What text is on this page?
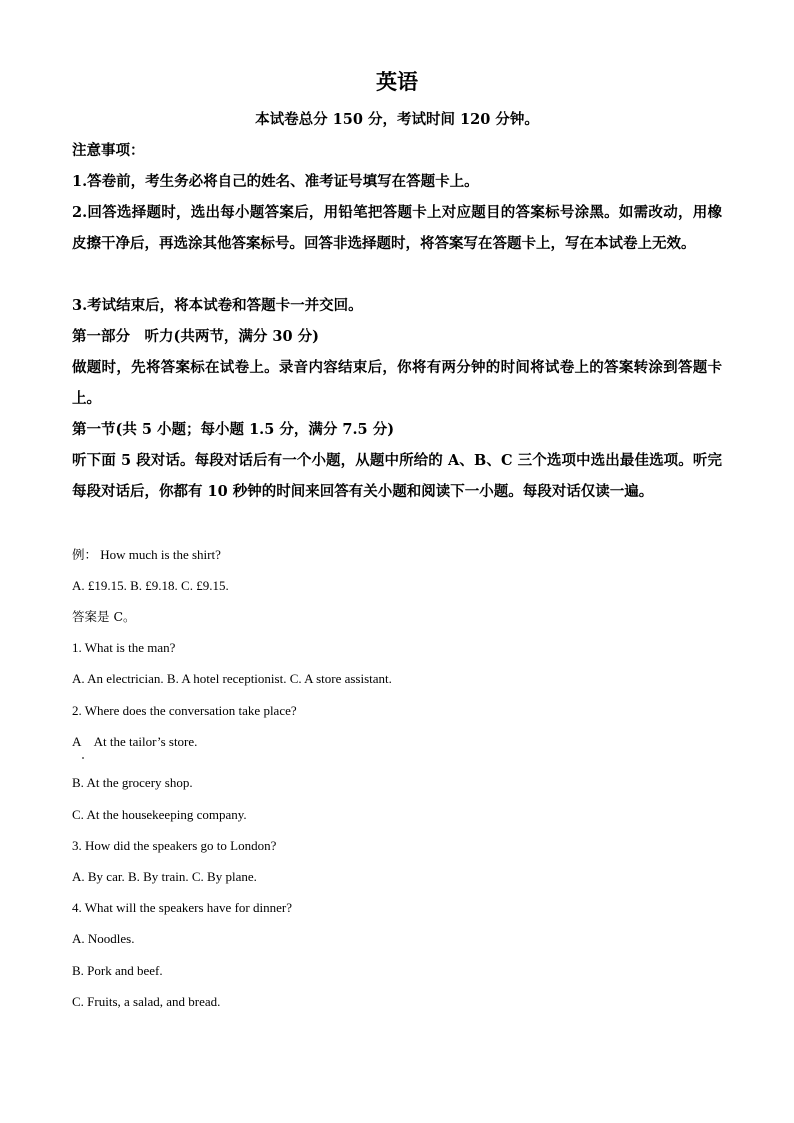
英语
本试卷总分 150 分，考试时间 120 分钟。
注意事项：
1.答卷前，考生务必将自己的姓名、准考证号填写在答题卡上。
2.回答选择题时，选出每小题答案后，用铅笔把答题卡上对应题目的答案标号涂黑。如需改动，用橡皮擦干净后，再选涂其他答案标号。回答非选择题时，将答案写在答题卡上，写在本试卷上无效。
3.考试结束后，将本试卷和答题卡一并交回。
第一部分　听力(共两节，满分 30 分)
做题时，先将答案标在试卷上。录音内容结束后，你将有两分钟的时间将试卷上的答案转涂到答题卡上。
第一节(共 5 小题；每小题 1.5 分，满分 7.5 分)
听下面 5 段对话。每段对话后有一个小题，从题中所给的 A、B、C 三个选项中选出最佳选项。听完每段对话后，你都有 10 秒钟的时间来回答有关小题和阅读下一小题。每段对话仅读一遍。
例： How much is the shirt?
A. £19.15. B. £9.18. C. £9.15.
答案是 C。
1. What is the man?
A. An electrician. B. A hotel receptionist. C. A store assistant.
2. Where does the conversation take place?
A　At the tailor’s store.
B. At the grocery shop.
C. At the housekeeping company.
3. How did the speakers go to London?
A. By car. B. By train. C. By plane.
4. What will the speakers have for dinner?
A. Noodles.
B. Pork and beef.
C. Fruits, a salad, and bread.
